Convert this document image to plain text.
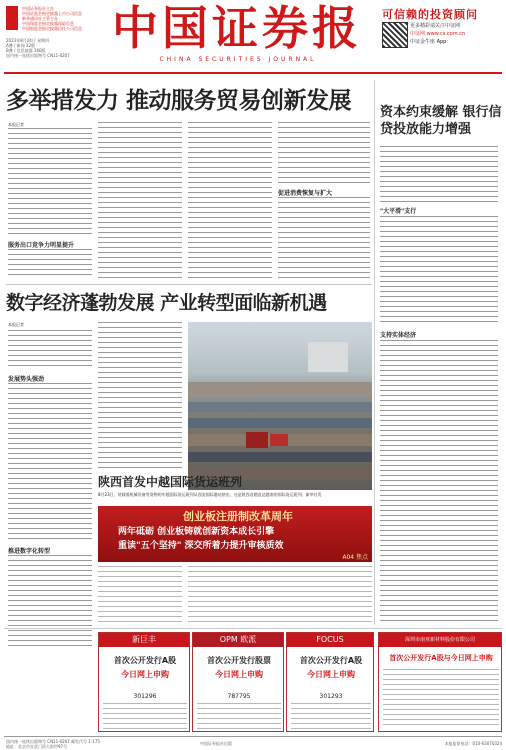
中国证券报社主办
中国证监会指定披露上市公司信息
新华通讯社主管主办
中国保监会指定披露保险信息
中国银监会指定披露信托公司信息
2023年8月24日 星期四
A叠 / 新闻 32版
B叠 / 信息披露 160版
国内统一连续出版物号 CN11-0207
中国证券报
CHINA SECURITIES JOURNAL
可信赖的投资顾问
更多精彩请关注中证网
中证网 www.cs.com.cn
中证金牛座 App
多举措发力 推动服务贸易创新发展
本报记者
服务出口竞争力明显提升
促进消费恢复与扩大
资本约束缓解 银行信贷投放能力增强
"大平滑"支行
支持实体经济
数字经济蓬勃发展 产业转型面临新机遇
本报记者
发展势头强劲
推进数字化转型
陕西首发中越国际货运班列
8月23日，装载着机械设备等货物的中越国际货运班列从西安国际港站驶出，这是陕西首趟直达越南的国际货运班列。新华社发
创业板注册制改革周年
两年砥砺 创业板铸就创新资本成长引擎
重读"五个坚持" 深交所着力提升审核质效
A04 焦点
新巨丰
首次公开发行A股
今日网上申购
301296
OPM 欧派
首次公开发行股票
今日网上申购
787795
FOCUS
首次公开发行A股
今日网上申购
301293
深圳市南亚新材料股份有限公司
首次公开发行A股与今日网上申购
国内统一连续出版物号 CN11-0207 邮发代号 1-175
地址：北京市宣武门西大街甲97号
中国证券报社出版	本报监督电话：010-63070324
